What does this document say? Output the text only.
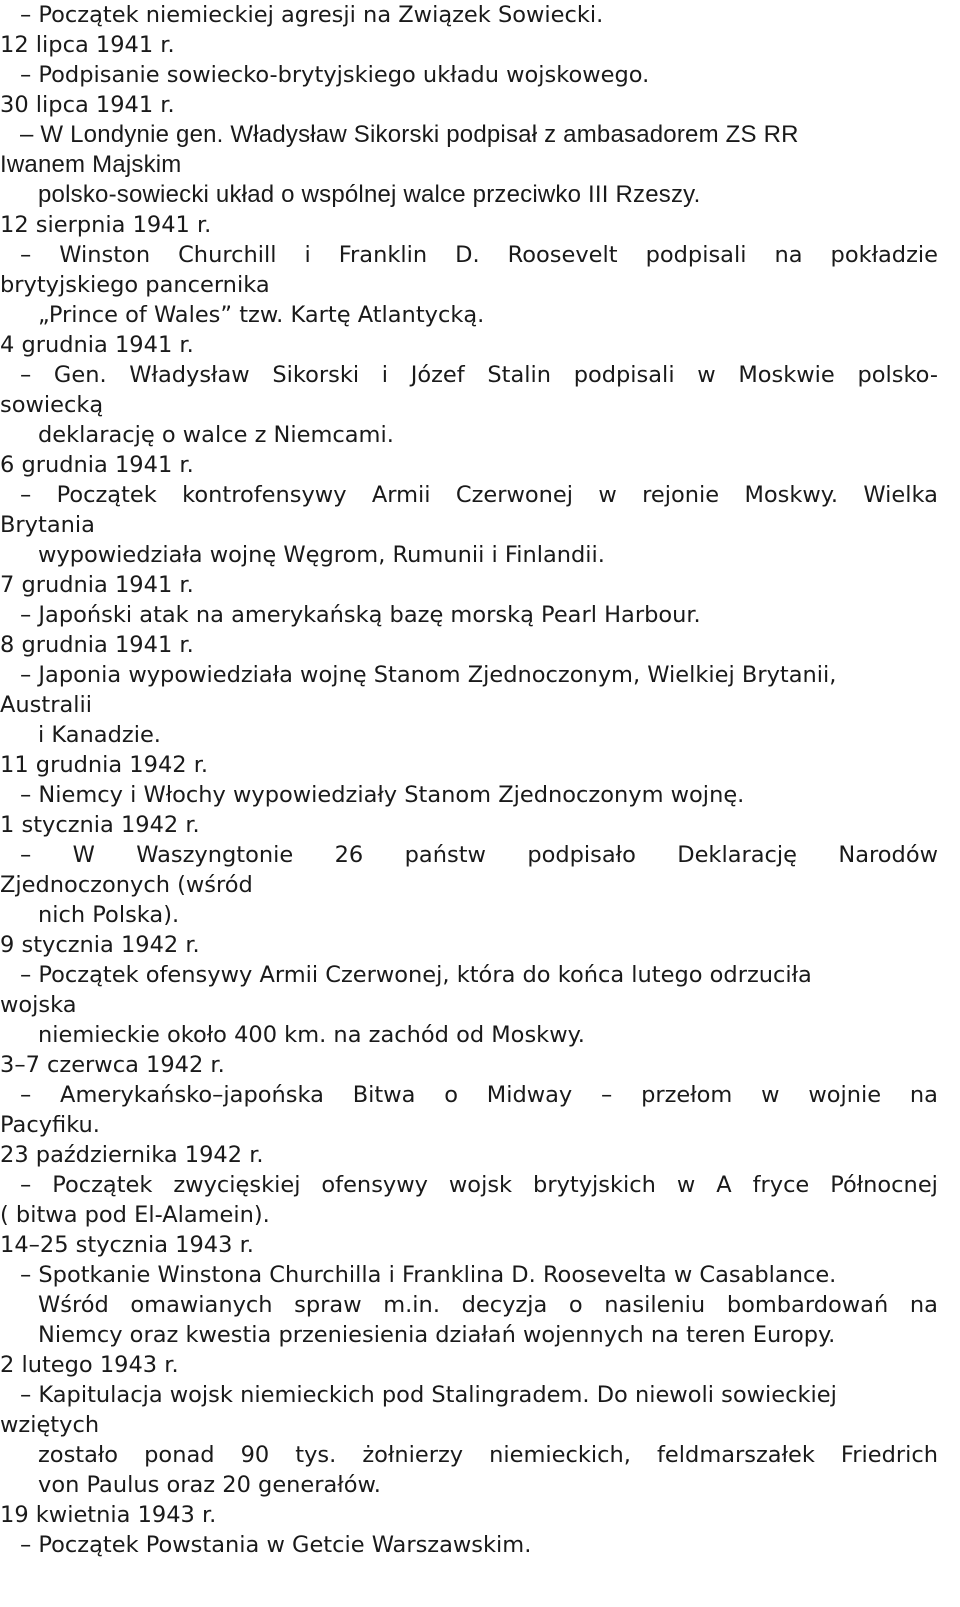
– Początek niemieckiej agresji na Związek Sowiecki.
12 lipca 1941 r.
– Podpisanie sowiecko-brytyjskiego układu wojskowego.
30 lipca 1941 r.
– W Londynie gen. Władysław Sikorski podpisał z ambasadorem ZS RR
Iwanem Majskim
polsko-sowiecki układ o wspólnej walce przeciwko III Rzeszy.
12 sierpnia 1941 r.
– Winston Churchill i Franklin D. Roosevelt podpisali na pokładzie
brytyjskiego pancernika
„Prince of Wales” tzw. Kartę Atlantycką.
4 grudnia 1941 r.
– Gen. Władysław Sikorski i Józef Stalin podpisali w Moskwie polsko-
sowiecką
deklarację o walce z Niemcami.
6 grudnia 1941 r.
– Początek kontrofensywy Armii Czerwonej w rejonie Moskwy. Wielka
Brytania
wypowiedziała wojnę Węgrom, Rumunii i Finlandii.
7 grudnia 1941 r.
– Japoński atak na amerykańską bazę morską Pearl Harbour.
8 grudnia 1941 r.
– Japonia wypowiedziała wojnę Stanom Zjednoczonym, Wielkiej Brytanii,
Australii
i Kanadzie.
11 grudnia 1942 r.
– Niemcy i Włochy wypowiedziały Stanom Zjednoczonym wojnę.
1 stycznia 1942 r.
– W Waszyngtonie 26 państw podpisało Deklarację Narodów
Zjednoczonych (wśród
nich Polska).
9 stycznia 1942 r.
– Początek ofensywy Armii Czerwonej, która do końca lutego odrzuciła
wojska
niemieckie około 400 km. na zachód od Moskwy.
3–7 czerwca 1942 r.
– Amerykańsko–japońska Bitwa o Midway – przełom w wojnie na
Pacyfiku.
23 października 1942 r.
– Początek zwycięskiej ofensywy wojsk brytyjskich w A fryce Północnej
( bitwa pod El-Alamein).
14–25 stycznia 1943 r.
– Spotkanie Winstona Churchilla i Franklina D. Roosevelta w Casablance.
Wśród omawianych spraw m.in. decyzja o nasileniu bombardowań na
Niemcy oraz kwestia przeniesienia działań wojennych na teren Europy.
2 lutego 1943 r.
– Kapitulacja wojsk niemieckich pod Stalingradem. Do niewoli sowieckiej
wziętych
zostało ponad 90 tys. żołnierzy niemieckich, feldmarszałek Friedrich
von Paulus oraz 20 generałów.
19 kwietnia 1943 r.
– Początek Powstania w Getcie Warszawskim.
